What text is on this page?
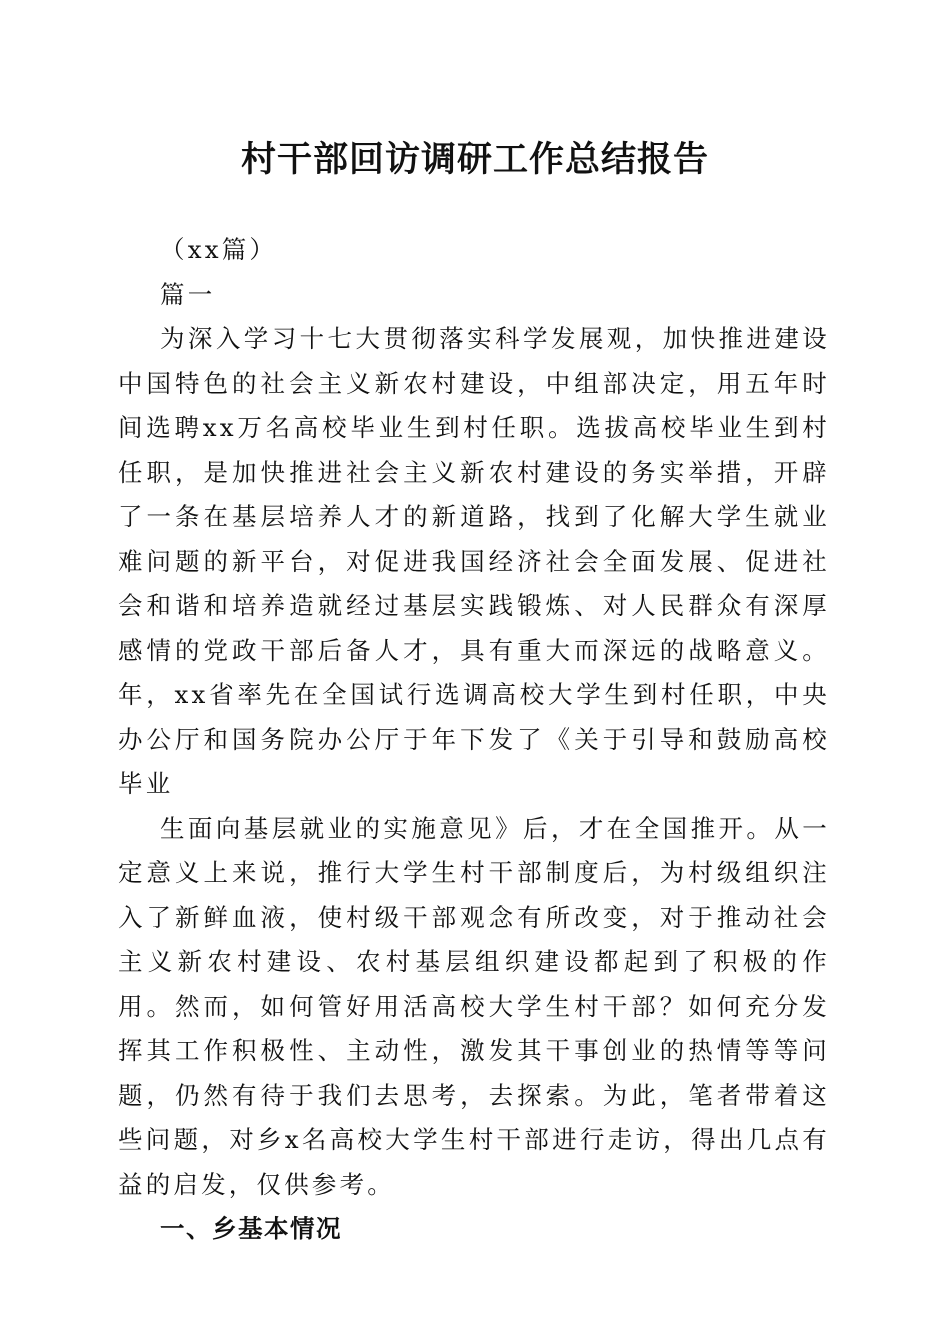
村干部回访调研工作总结报告

（xx篇）

篇一

为深入学习十七大贯彻落实科学发展观，加快推进建设中国特色的社会主义新农村建设，中组部决定，用五年时间选聘xx万名高校毕业生到村任职。选拔高校毕业生到村任职，是加快推进社会主义新农村建设的务实举措，开辟了一条在基层培养人才的新道路，找到了化解大学生就业难问题的新平台，对促进我国经济社会全面发展、促进社会和谐和培养造就经过基层实践锻炼、对人民群众有深厚感情的党政干部后备人才，具有重大而深远的战略意义。年，xx省率先在全国试行选调高校大学生到村任职，中央办公厅和国务院办公厅于年下发了《关于引导和鼓励高校毕业

生面向基层就业的实施意见》后，才在全国推开。从一定意义上来说，推行大学生村干部制度后，为村级组织注入了新鲜血液，使村级干部观念有所改变，对于推动社会主义新农村建设、农村基层组织建设都起到了积极的作用。然而，如何管好用活高校大学生村干部？如何充分发挥其工作积极性、主动性，激发其干事创业的热情等等问题，仍然有待于我们去思考，去探索。为此，笔者带着这些问题，对乡x名高校大学生村干部进行走访，得出几点有益的启发，仅供参考。

一、乡基本情况
